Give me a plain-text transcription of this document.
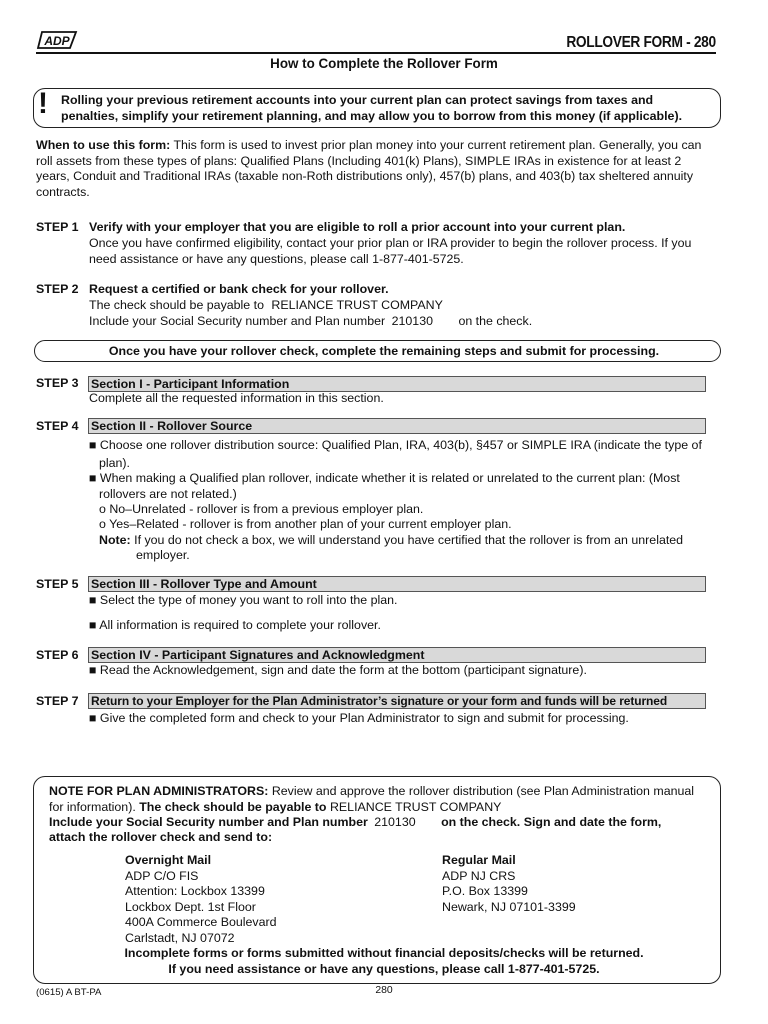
ADP	ROLLOVER FORM - 280
How to Complete the Rollover Form
! Rolling your previous retirement accounts into your current plan can protect savings from taxes and
penalties, simplify your retirement planning, and may allow you to borrow from this money (if applicable).
When to use this form: This form is used to invest prior plan money into your current retirement plan. Generally, you can
roll assets from these types of plans: Qualified Plans (Including 401(k) Plans), SIMPLE IRAs in existence for at least 2
years, Conduit and Traditional IRAs (taxable non-Roth distributions only), 457(b) plans, and 403(b) tax sheltered annuity
contracts.
STEP 1 Verify with your employer that you are eligible to roll a prior account into your current plan.
Once you have confirmed eligibility, contact your prior plan or IRA provider to begin the rollover process. If you
need assistance or have any questions, please call 1-877-401-5725.
STEP 2 Request a certified or bank check for your rollover.
The check should be payable to RELIANCE TRUST COMPANY
Include your Social Security number and Plan number 210130 on the check.
Once you have your rollover check, complete the remaining steps and submit for processing.
STEP 3 Section I - Participant Information
Complete all the requested information in this section.
STEP 4 Section II - Rollover Source
■ Choose one rollover distribution source: Qualified Plan, IRA, 403(b), §457 or SIMPLE IRA (indicate the type of
plan).
■ When making a Qualified plan rollover, indicate whether it is related or unrelated to the current plan: (Most
rollovers are not related.)
o No–Unrelated - rollover is from a previous employer plan.
o Yes–Related - rollover is from another plan of your current employer plan.
Note: If you do not check a box, we will understand you have certified that the rollover is from an unrelated
employer.
STEP 5 Section III - Rollover Type and Amount
■ Select the type of money you want to roll into the plan.
■ All information is required to complete your rollover.
STEP 6 Section IV - Participant Signatures and Acknowledgment
■ Read the Acknowledgement, sign and date the form at the bottom (participant signature).
STEP 7 Return to your Employer for the Plan Administrator’s signature or your form and funds will be returned
■ Give the completed form and check to your Plan Administrator to sign and submit for processing.
NOTE FOR PLAN ADMINISTRATORS: Review and approve the rollover distribution (see Plan Administration manual
for information). The check should be payable to RELIANCE TRUST COMPANY
Include your Social Security number and Plan number 210130 on the check. Sign and date the form,
attach the rollover check and send to:
Overnight Mail
ADP C/O FIS
Attention: Lockbox 13399
Lockbox Dept. 1st Floor
400A Commerce Boulevard
Carlstadt, NJ 07072
Regular Mail
ADP NJ CRS
P.O. Box 13399
Newark, NJ 07101-3399
Incomplete forms or forms submitted without financial deposits/checks will be returned.
If you need assistance or have any questions, please call 1-877-401-5725.
(0615) A BT-PA	280
